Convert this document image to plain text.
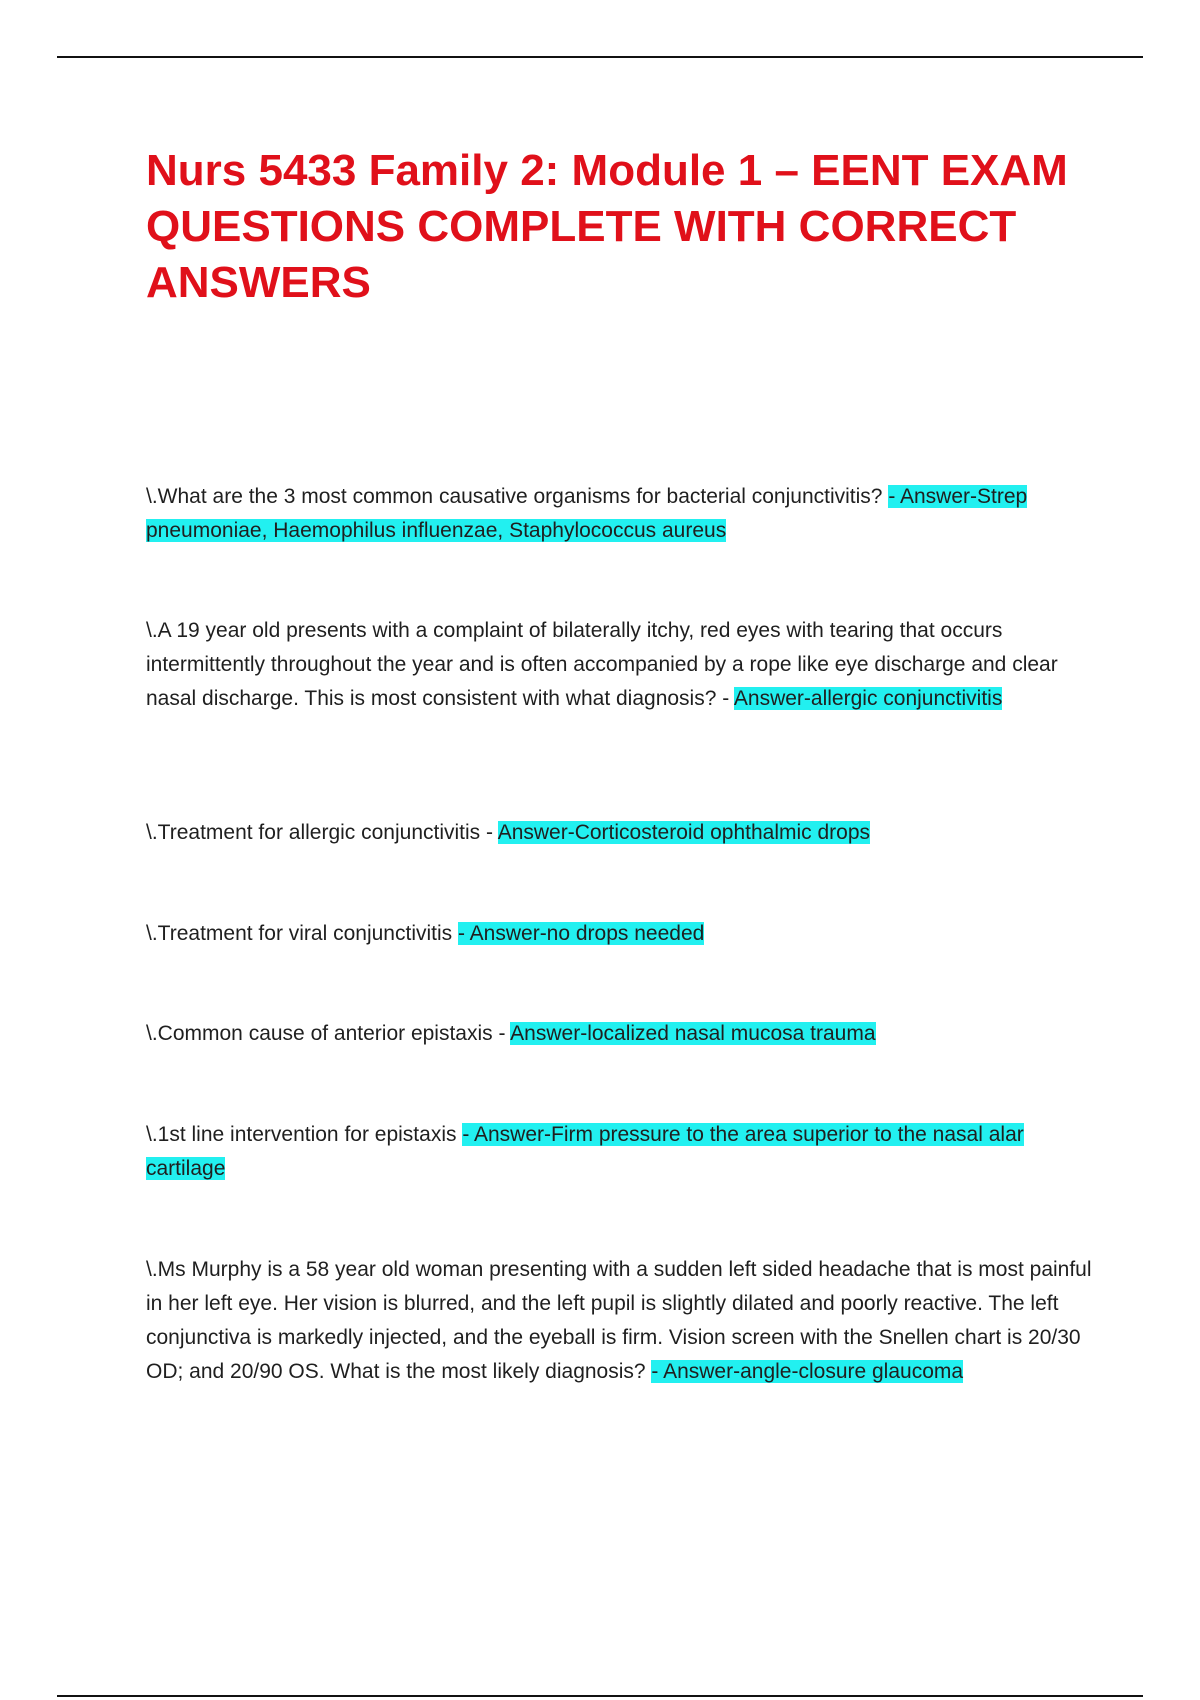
Nurs 5433 Family 2: Module 1 – EENT EXAM QUESTIONS COMPLETE WITH CORRECT ANSWERS

\.What are the 3 most common causative organisms for bacterial conjunctivitis? - Answer-Strep pneumoniae, Haemophilus influenzae, Staphylococcus aureus

\.A 19 year old presents with a complaint of bilaterally itchy, red eyes with tearing that occurs intermittently throughout the year and is often accompanied by a rope like eye discharge and clear nasal discharge. This is most consistent with what diagnosis? - Answer-allergic conjunctivitis

\.Treatment for allergic conjunctivitis - Answer-Corticosteroid ophthalmic drops

\.Treatment for viral conjunctivitis - Answer-no drops needed

\.Common cause of anterior epistaxis - Answer-localized nasal mucosa trauma

\.1st line intervention for epistaxis - Answer-Firm pressure to the area superior to the nasal alar cartilage

\.Ms Murphy is a 58 year old woman presenting with a sudden left sided headache that is most painful in her left eye. Her vision is blurred, and the left pupil is slightly dilated and poorly reactive. The left conjunctiva is markedly injected, and the eyeball is firm. Vision screen with the Snellen chart is 20/30 OD; and 20/90 OS. What is the most likely diagnosis? - Answer-angle-closure glaucoma
